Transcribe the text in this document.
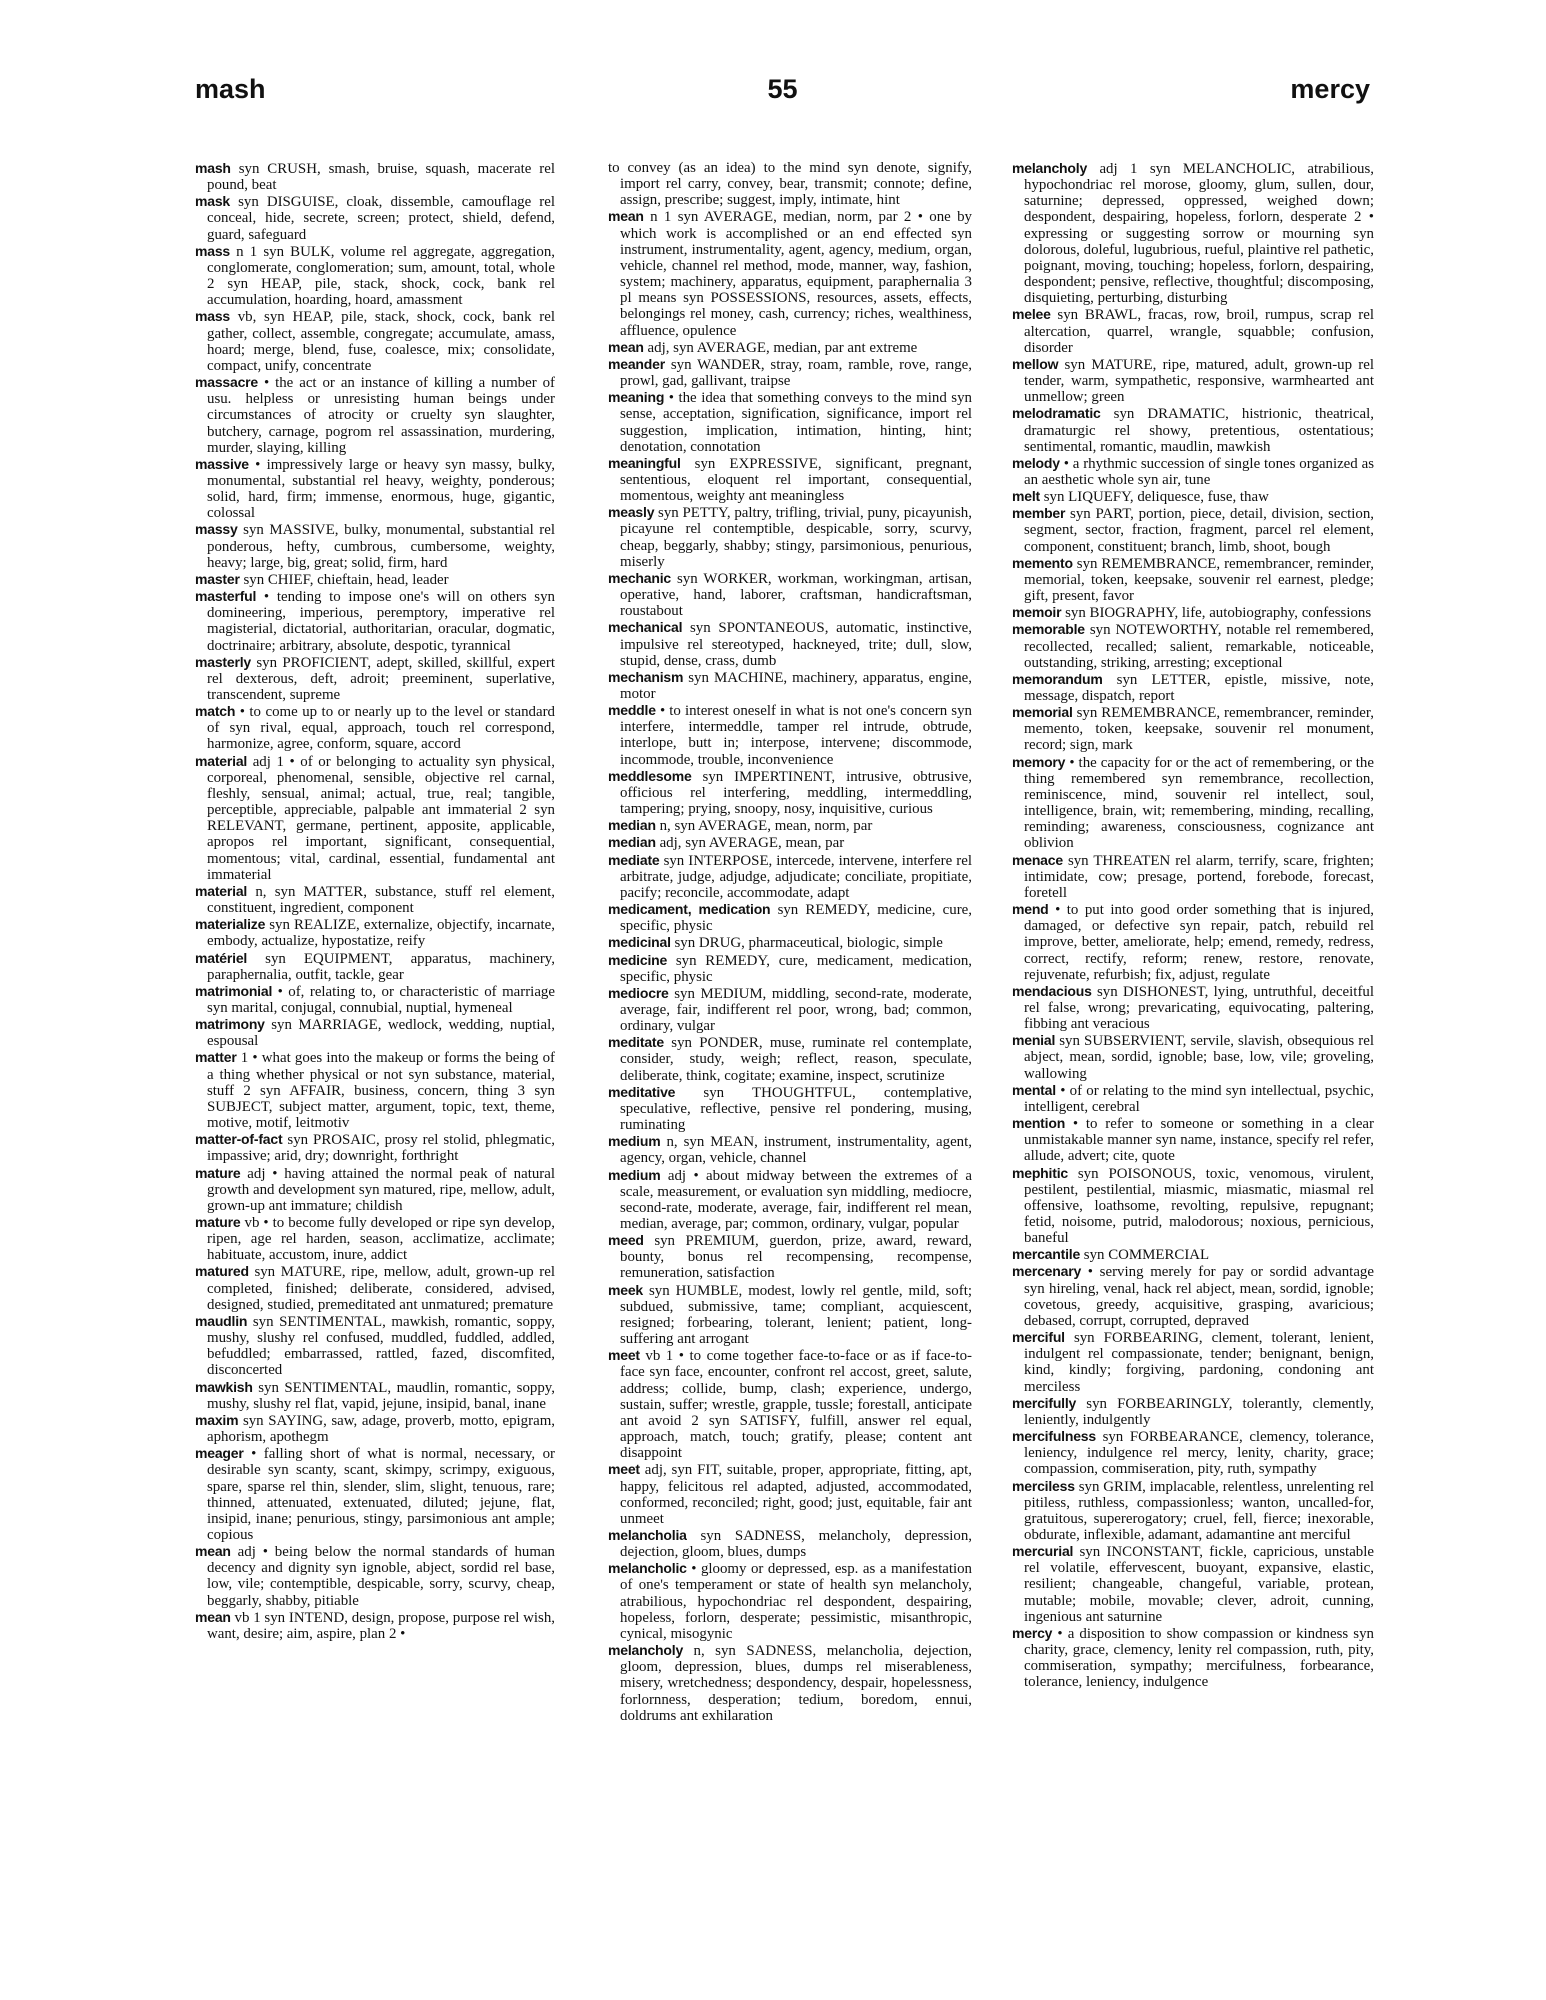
mash	55	mercy
mash syn CRUSH, smash, bruise, squash, macerate rel pound, beat
mask syn DISGUISE, cloak, dissemble, camouflage rel conceal, hide, secrete, screen; protect, shield, defend, guard, safeguard
mass n 1 syn BULK, volume rel aggregate, aggregation, conglomerate, conglomeration; sum, amount, total, whole 2 syn HEAP, pile, stack, shock, cock, bank rel accumulation, hoarding, hoard, amassment
mass vb, syn HEAP, pile, stack, shock, cock, bank rel gather, collect, assemble, congregate; accumulate, amass, hoard; merge, blend, fuse, coalesce, mix; consolidate, compact, unify, concentrate
massacre • the act or an instance of killing a number of usu. helpless or unresisting human beings under circumstances of atrocity or cruelty syn slaughter, butchery, carnage, pogrom rel assassination, murdering, murder, slaying, killing
massive • impressively large or heavy syn massy, bulky, monumental, substantial rel heavy, weighty, ponderous; solid, hard, firm; immense, enormous, huge, gigantic, colossal
massy syn MASSIVE, bulky, monumental, substantial rel ponderous, hefty, cumbrous, cumbersome, weighty, heavy; large, big, great; solid, firm, hard
master syn CHIEF, chieftain, head, leader
masterful • tending to impose one's will on others syn domineering, imperious, peremptory, imperative rel magisterial, dictatorial, authoritarian, oracular, dogmatic, doctrinaire; arbitrary, absolute, despotic, tyrannical
masterly syn PROFICIENT, adept, skilled, skillful, expert rel dexterous, deft, adroit; preeminent, superlative, transcendent, supreme
match • to come up to or nearly up to the level or standard of syn rival, equal, approach, touch rel correspond, harmonize, agree, conform, square, accord
material adj 1 • of or belonging to actuality syn physical, corporeal, phenomenal, sensible, objective rel carnal, fleshly, sensual, animal; actual, true, real; tangible, perceptible, appreciable, palpable ant immaterial 2 syn RELEVANT, germane, pertinent, apposite, applicable, apropos rel important, significant, consequential, momentous; vital, cardinal, essential, fundamental ant immaterial
material n, syn MATTER, substance, stuff rel element, constituent, ingredient, component
materialize syn REALIZE, externalize, objectify, incarnate, embody, actualize, hypostatize, reify
matériel syn EQUIPMENT, apparatus, machinery, paraphernalia, outfit, tackle, gear
matrimonial • of, relating to, or characteristic of marriage syn marital, conjugal, connubial, nuptial, hymeneal
matrimony syn MARRIAGE, wedlock, wedding, nuptial, espousal
matter 1 • what goes into the makeup or forms the being of a thing whether physical or not syn substance, material, stuff 2 syn AFFAIR, business, concern, thing 3 syn SUBJECT, subject matter, argument, topic, text, theme, motive, motif, leitmotiv
matter-of-fact syn PROSAIC, prosy rel stolid, phlegmatic, impassive; arid, dry; downright, forthright
mature adj • having attained the normal peak of natural growth and development syn matured, ripe, mellow, adult, grown-up ant immature; childish
mature vb • to become fully developed or ripe syn develop, ripen, age rel harden, season, acclimatize, acclimate; habituate, accustom, inure, addict
matured syn MATURE, ripe, mellow, adult, grown-up rel completed, finished; deliberate, considered, advised, designed, studied, premeditated ant unmatured; premature
maudlin syn SENTIMENTAL, mawkish, romantic, soppy, mushy, slushy rel confused, muddled, fuddled, addled, befuddled; embarrassed, rattled, fazed, discomfited, disconcerted
mawkish syn SENTIMENTAL, maudlin, romantic, soppy, mushy, slushy rel flat, vapid, jejune, insipid, banal, inane
maxim syn SAYING, saw, adage, proverb, motto, epigram, aphorism, apothegm
meager • falling short of what is normal, necessary, or desirable syn scanty, scant, skimpy, scrimpy, exiguous, spare, sparse rel thin, slender, slim, slight, tenuous, rare; thinned, attenuated, extenuated, diluted; jejune, flat, insipid, inane; penurious, stingy, parsimonious ant ample; copious
mean adj • being below the normal standards of human decency and dignity syn ignoble, abject, sordid rel base, low, vile; contemptible, despicable, sorry, scurvy, cheap, beggarly, shabby, pitiable
mean vb 1 syn INTEND, design, propose, purpose rel wish, want, desire; aim, aspire, plan 2 •
to convey (as an idea) to the mind syn denote, signify, import rel carry, convey, bear, transmit; connote; define, assign, prescribe; suggest, imply, intimate, hint
mean n 1 syn AVERAGE, median, norm, par 2 • one by which work is accomplished or an end effected syn instrument, instrumentality, agent, agency, medium, organ, vehicle, channel rel method, mode, manner, way, fashion, system; machinery, apparatus, equipment, paraphernalia 3 pl means syn POSSESSIONS, resources, assets, effects, belongings rel money, cash, currency; riches, wealthiness, affluence, opulence
mean adj, syn AVERAGE, median, par ant extreme
meander syn WANDER, stray, roam, ramble, rove, range, prowl, gad, gallivant, traipse
meaning • the idea that something conveys to the mind syn sense, acceptation, signification, significance, import rel suggestion, implication, intimation, hinting, hint; denotation, connotation
meaningful syn EXPRESSIVE, significant, pregnant, sententious, eloquent rel important, consequential, momentous, weighty ant meaningless
measly syn PETTY, paltry, trifling, trivial, puny, picayunish, picayune rel contemptible, despicable, sorry, scurvy, cheap, beggarly, shabby; stingy, parsimonious, penurious, miserly
mechanic syn WORKER, workman, workingman, artisan, operative, hand, laborer, craftsman, handicraftsman, roustabout
mechanical syn SPONTANEOUS, automatic, instinctive, impulsive rel stereotyped, hackneyed, trite; dull, slow, stupid, dense, crass, dumb
mechanism syn MACHINE, machinery, apparatus, engine, motor
meddle • to interest oneself in what is not one's concern syn interfere, intermeddle, tamper rel intrude, obtrude, interlope, butt in; interpose, intervene; discommode, incommode, trouble, inconvenience
meddlesome syn IMPERTINENT, intrusive, obtrusive, officious rel interfering, meddling, intermeddling, tampering; prying, snoopy, nosy, inquisitive, curious
median n, syn AVERAGE, mean, norm, par
median adj, syn AVERAGE, mean, par
mediate syn INTERPOSE, intercede, intervene, interfere rel arbitrate, judge, adjudge, adjudicate; conciliate, propitiate, pacify; reconcile, accommodate, adapt
medicament, medication syn REMEDY, medicine, cure, specific, physic
medicinal syn DRUG, pharmaceutical, biologic, simple
medicine syn REMEDY, cure, medicament, medication, specific, physic
mediocre syn MEDIUM, middling, second-rate, moderate, average, fair, indifferent rel poor, wrong, bad; common, ordinary, vulgar
meditate syn PONDER, muse, ruminate rel contemplate, consider, study, weigh; reflect, reason, speculate, deliberate, think, cogitate; examine, inspect, scrutinize
meditative syn THOUGHTFUL, contemplative, speculative, reflective, pensive rel pondering, musing, ruminating
medium n, syn MEAN, instrument, instrumentality, agent, agency, organ, vehicle, channel
medium adj • about midway between the extremes of a scale, measurement, or evaluation syn middling, mediocre, second-rate, moderate, average, fair, indifferent rel mean, median, average, par; common, ordinary, vulgar, popular
meed syn PREMIUM, guerdon, prize, award, reward, bounty, bonus rel recompensing, recompense, remuneration, satisfaction
meek syn HUMBLE, modest, lowly rel gentle, mild, soft; subdued, submissive, tame; compliant, acquiescent, resigned; forbearing, tolerant, lenient; patient, long-suffering ant arrogant
meet vb 1 • to come together face-to-face or as if face-to-face syn face, encounter, confront rel accost, greet, salute, address; collide, bump, clash; experience, undergo, sustain, suffer; wrestle, grapple, tussle; forestall, anticipate ant avoid 2 syn SATISFY, fulfill, answer rel equal, approach, match, touch; gratify, please; content ant disappoint
meet adj, syn FIT, suitable, proper, appropriate, fitting, apt, happy, felicitous rel adapted, adjusted, accommodated, conformed, reconciled; right, good; just, equitable, fair ant unmeet
melancholia syn SADNESS, melancholy, depression, dejection, gloom, blues, dumps
melancholic • gloomy or depressed, esp. as a manifestation of one's temperament or state of health syn melancholy, atrabilious, hypochondriac rel despondent, despairing, hopeless, forlorn, desperate; pessimistic, misanthropic, cynical, misogynic
melancholy n, syn SADNESS, melancholia, dejection, gloom, depression, blues, dumps rel miserableness, misery, wretchedness; despondency, despair, hopelessness, forlornness, desperation; tedium, boredom, ennui, doldrums ant exhilaration
melancholy adj 1 syn MELANCHOLIC, atrabilious, hypochondriac rel morose, gloomy, glum, sullen, dour, saturnine; depressed, oppressed, weighed down; despondent, despairing, hopeless, forlorn, desperate 2 • expressing or suggesting sorrow or mourning syn dolorous, doleful, lugubrious, rueful, plaintive rel pathetic, poignant, moving, touching; hopeless, forlorn, despairing, despondent; pensive, reflective, thoughtful; discomposing, disquieting, perturbing, disturbing
melee syn BRAWL, fracas, row, broil, rumpus, scrap rel altercation, quarrel, wrangle, squabble; confusion, disorder
mellow syn MATURE, ripe, matured, adult, grown-up rel tender, warm, sympathetic, responsive, warmhearted ant unmellow; green
melodramatic syn DRAMATIC, histrionic, theatrical, dramaturgic rel showy, pretentious, ostentatious; sentimental, romantic, maudlin, mawkish
melody • a rhythmic succession of single tones organized as an aesthetic whole syn air, tune
melt syn LIQUEFY, deliquesce, fuse, thaw
member syn PART, portion, piece, detail, division, section, segment, sector, fraction, fragment, parcel rel element, component, constituent; branch, limb, shoot, bough
memento syn REMEMBRANCE, remembrancer, reminder, memorial, token, keepsake, souvenir rel earnest, pledge; gift, present, favor
memoir syn BIOGRAPHY, life, autobiography, confessions
memorable syn NOTEWORTHY, notable rel remembered, recollected, recalled; salient, remarkable, noticeable, outstanding, striking, arresting; exceptional
memorandum syn LETTER, epistle, missive, note, message, dispatch, report
memorial syn REMEMBRANCE, remembrancer, reminder, memento, token, keepsake, souvenir rel monument, record; sign, mark
memory • the capacity for or the act of remembering, or the thing remembered syn remembrance, recollection, reminiscence, mind, souvenir rel intellect, soul, intelligence, brain, wit; remembering, minding, recalling, reminding; awareness, consciousness, cognizance ant oblivion
menace syn THREATEN rel alarm, terrify, scare, frighten; intimidate, cow; presage, portend, forebode, forecast, foretell
mend • to put into good order something that is injured, damaged, or defective syn repair, patch, rebuild rel improve, better, ameliorate, help; emend, remedy, redress, correct, rectify, reform; renew, restore, renovate, rejuvenate, refurbish; fix, adjust, regulate
mendacious syn DISHONEST, lying, untruthful, deceitful rel false, wrong; prevaricating, equivocating, paltering, fibbing ant veracious
menial syn SUBSERVIENT, servile, slavish, obsequious rel abject, mean, sordid, ignoble; base, low, vile; groveling, wallowing
mental • of or relating to the mind syn intellectual, psychic, intelligent, cerebral
mention • to refer to someone or something in a clear unmistakable manner syn name, instance, specify rel refer, allude, advert; cite, quote
mephitic syn POISONOUS, toxic, venomous, virulent, pestilent, pestilential, miasmic, miasmatic, miasmal rel offensive, loathsome, revolting, repulsive, repugnant; fetid, noisome, putrid, malodorous; noxious, pernicious, baneful
mercantile syn COMMERCIAL
mercenary • serving merely for pay or sordid advantage syn hireling, venal, hack rel abject, mean, sordid, ignoble; covetous, greedy, acquisitive, grasping, avaricious; debased, corrupt, corrupted, depraved
merciful syn FORBEARING, clement, tolerant, lenient, indulgent rel compassionate, tender; benignant, benign, kind, kindly; forgiving, pardoning, condoning ant merciless
mercifully syn FORBEARINGLY, tolerantly, clemently, leniently, indulgently
mercifulness syn FORBEARANCE, clemency, tolerance, leniency, indulgence rel mercy, lenity, charity, grace; compassion, commiseration, pity, ruth, sympathy
merciless syn GRIM, implacable, relentless, unrelenting rel pitiless, ruthless, compassionless; wanton, uncalled-for, gratuitous, supererogatory; cruel, fell, fierce; inexorable, obdurate, inflexible, adamant, adamantine ant merciful
mercurial syn INCONSTANT, fickle, capricious, unstable rel volatile, effervescent, buoyant, expansive, elastic, resilient; changeable, changeful, variable, protean, mutable; mobile, movable; clever, adroit, cunning, ingenious ant saturnine
mercy • a disposition to show compassion or kindness syn charity, grace, clemency, lenity rel compassion, ruth, pity, commiseration, sympathy; mercifulness, forbearance, tolerance, leniency, indulgence
